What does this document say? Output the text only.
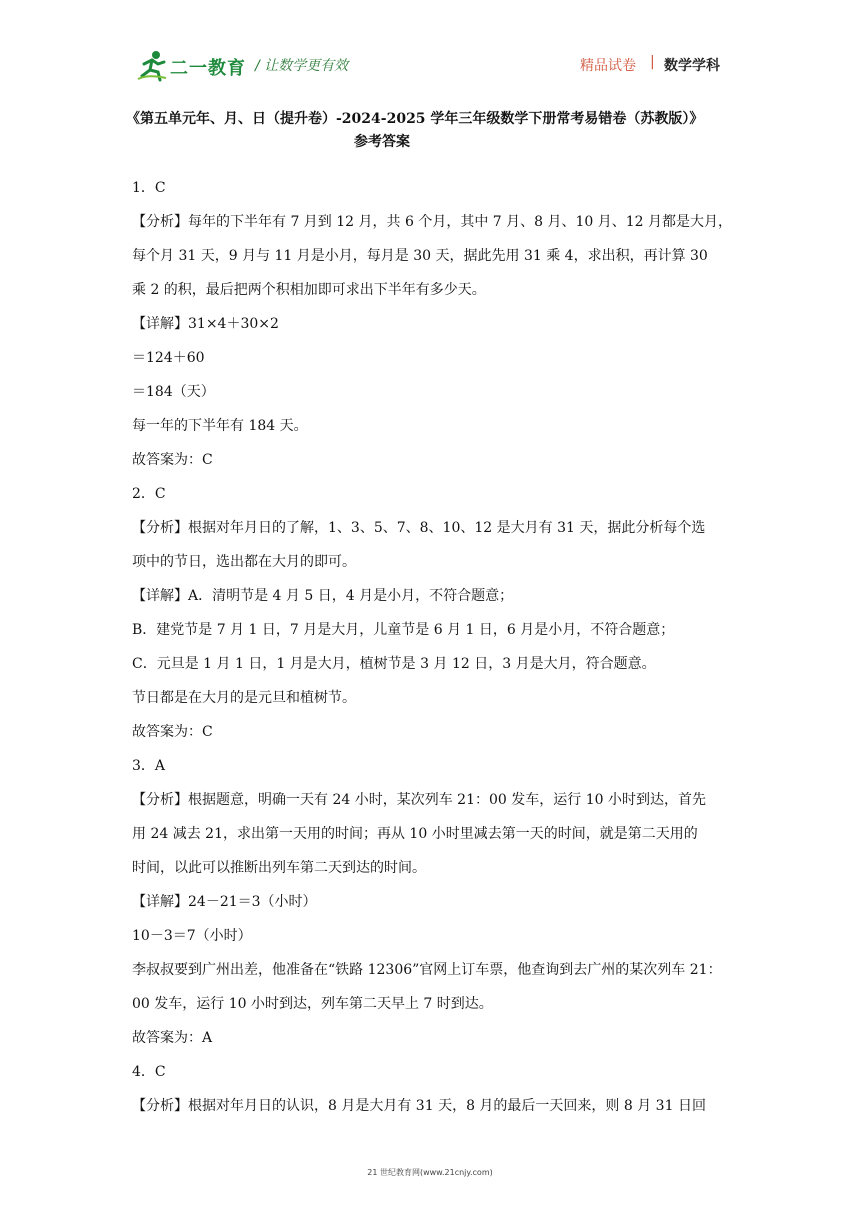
二一教育 / 让数学更有效	精品试卷 | 数学学科
《第五单元年、月、日（提升卷）-2024-2025 学年三年级数学下册常考易错卷（苏教版）》
参考答案

1．C

【分析】每年的下半年有 7 月到 12 月，共 6 个月，其中 7 月、8 月、10 月、12 月都是大月，

每个月 31 天，9 月与 11 月是小月，每月是 30 天，据此先用 31 乘 4，求出积，再计算 30

乘 2 的积，最后把两个积相加即可求出下半年有多少天。

【详解】31×4＋30×2

＝124＋60

＝184（天）

每一年的下半年有 184 天。

故答案为：C

2．C

【分析】根据对年月日的了解，1、3、5、7、8、10、12 是大月有 31 天，据此分析每个选

项中的节日，选出都在大月的即可。

【详解】A．清明节是 4 月 5 日，4 月是小月，不符合题意；

B．建党节是 7 月 1 日，7 月是大月，儿童节是 6 月 1 日，6 月是小月，不符合题意；

C．元旦是 1 月 1 日，1 月是大月，植树节是 3 月 12 日，3 月是大月，符合题意。

节日都是在大月的是元旦和植树节。

故答案为：C

3．A

【分析】根据题意，明确一天有 24 小时，某次列车 21：00 发车，运行 10 小时到达，首先

用 24 减去 21，求出第一天用的时间；再从 10 小时里减去第一天的时间，就是第二天用的

时间，以此可以推断出列车第二天到达的时间。

【详解】24－21＝3（小时）

10－3＝7（小时）

李叔叔要到广州出差，他准备在“铁路 12306”官网上订车票，他查询到去广州的某次列车 21：

00 发车，运行 10 小时到达，列车第二天早上 7 时到达。

故答案为：A

4．C

【分析】根据对年月日的认识，8 月是大月有 31 天，8 月的最后一天回来，则 8 月 31 日回

21 世纪教育网(www.21cnjy.com)
